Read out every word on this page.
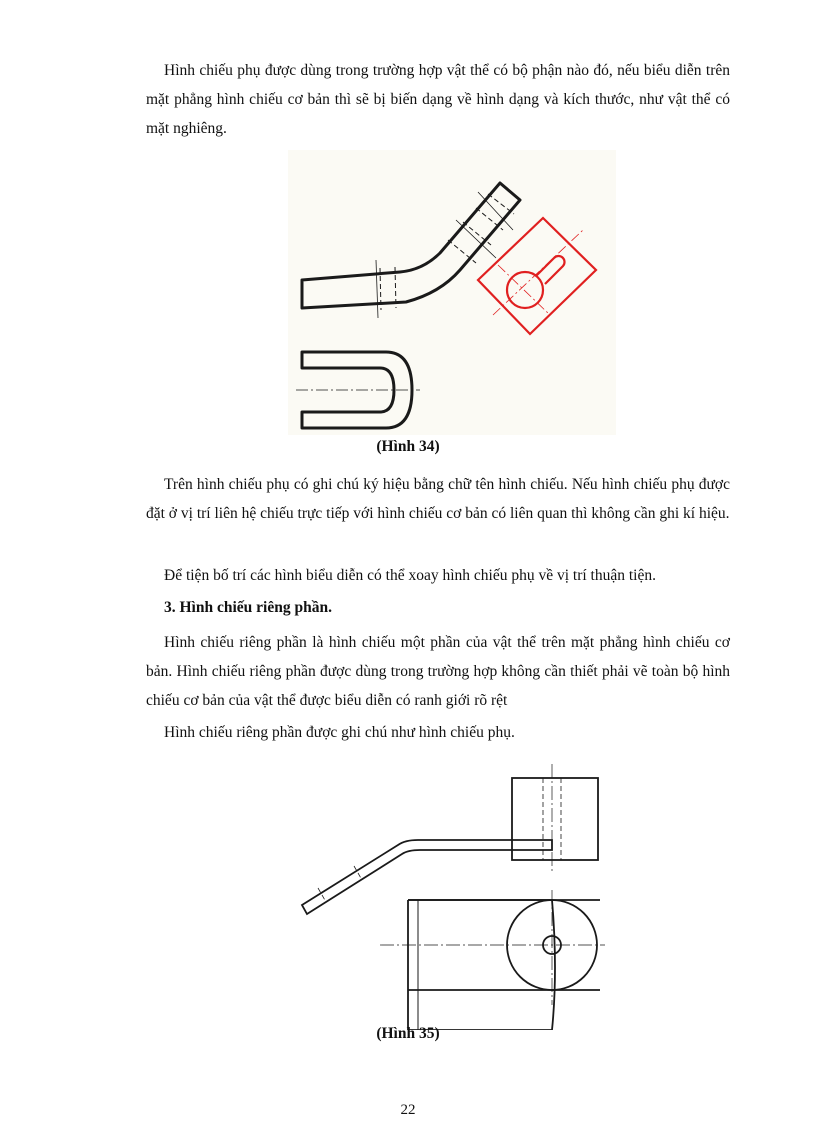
Hình chiếu phụ được dùng trong trường hợp vật thể có bộ phận nào đó, nếu biểu diễn trên mặt phẳng hình chiếu cơ bản thì sẽ bị biến dạng về hình dạng và kích thước, như vật thể có mặt nghiêng.

(Hình 34)

Trên hình chiếu phụ có ghi chú ký hiệu bằng chữ tên hình chiếu. Nếu hình chiếu phụ được đặt ở vị trí liên hệ chiếu trực tiếp với hình chiếu cơ bản có liên quan thì không cần ghi kí hiệu.

Để tiện bố trí các hình biểu diễn có thể xoay hình chiếu phụ về vị trí thuận tiện.

3. Hình chiếu riêng phần.

Hình chiếu riêng phần là hình chiếu một phần của vật thể trên mặt phẳng hình chiếu cơ bản. Hình chiếu riêng phần được dùng trong trường hợp không cần thiết phải vẽ toàn bộ hình chiếu cơ bản của vật thể được biểu diễn có ranh giới rõ rệt

Hình chiếu riêng phần được ghi chú như hình chiếu phụ.

(Hình 35)
22
